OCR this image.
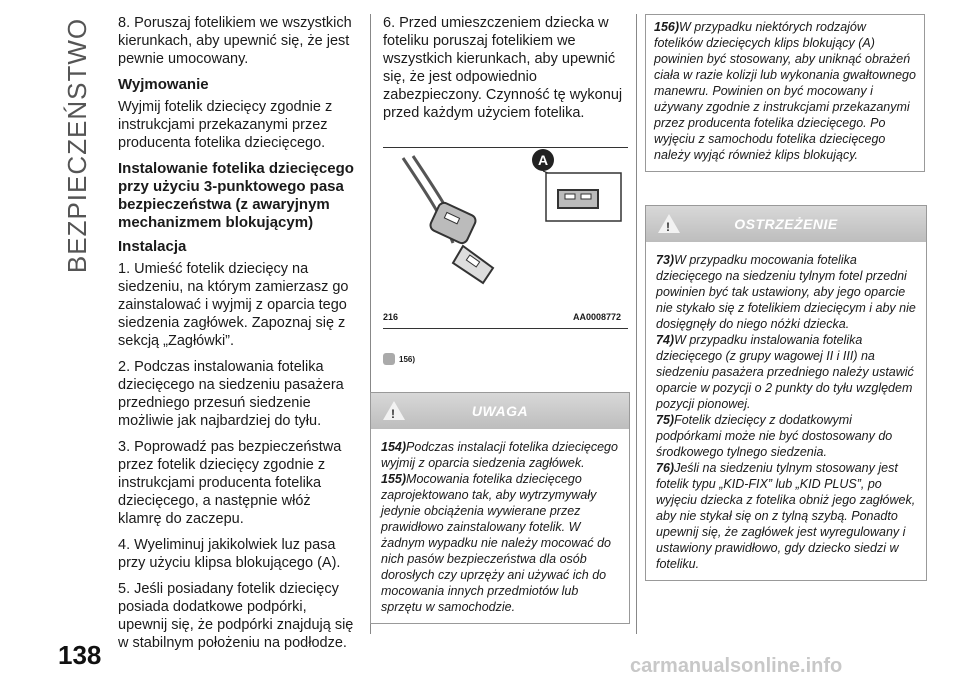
BEZPIECZEŃSTWO
138

8. Poruszaj fotelikiem we wszystkich kierunkach, aby upewnić się, że jest pewnie umocowany.

Wyjmowanie

Wyjmij fotelik dziecięcy zgodnie z instrukcjami przekazanymi przez producenta fotelika dziecięcego.

Instalowanie fotelika dziecięcego przy użyciu 3-punktowego pasa bezpieczeństwa (z awaryjnym mechanizmem blokującym)
Instalacja

1. Umieść fotelik dziecięcy na siedzeniu, na którym zamierzasz go zainstalować i wyjmij z oparcia tego siedzenia zagłówek. Zapoznaj się z sekcją „Zagłówki”.

2. Podczas instalowania fotelika dziecięcego na siedzeniu pasażera przedniego przesuń siedzenie możliwie jak najbardziej do tyłu.

3. Poprowadź pas bezpieczeństwa przez fotelik dziecięcy zgodnie z instrukcjami producenta fotelika dziecięcego, a następnie włóż klamrę do zaczepu.

4. Wyeliminuj jakikolwiek luz pasa przy użyciu klipsa blokującego (A).

5. Jeśli posiadany fotelik dziecięcy posiada dodatkowe podpórki, upewnij się, że podpórki znajdują się w stabilnym położeniu na podłodze.

6. Przed umieszczeniem dziecka w foteliku poruszaj fotelikiem we wszystkich kierunkach, aby upewnić się, że jest odpowiednio zabezpieczony. Czynność tę wykonuj przed każdym użyciem fotelika.

A
216	AA0008772
156)
!	UWAGA

154)Podczas instalacji fotelika dziecięcego wyjmij z oparcia siedzenia zagłówek.

155)Mocowania fotelika dziecięcego zaprojektowano tak, aby wytrzymywały jedynie obciążenia wywierane przez prawidłowo zainstalowany fotelik. W żadnym wypadku nie należy mocować do nich pasów bezpieczeństwa dla osób dorosłych czy uprzęży ani używać ich do mocowania innych przedmiotów lub sprzętu w samochodzie.

156)W przypadku niektórych rodzajów fotelików dziecięcych klips blokujący (A) powinien być stosowany, aby uniknąć obrażeń ciała w razie kolizji lub wykonania gwałtownego manewru. Powinien on być mocowany i używany zgodnie z instrukcjami przekazanymi przez producenta fotelika dziecięcego. Po wyjęciu z samochodu fotelika dziecięcego należy wyjąć również klips blokujący.

!	OSTRZEŻENIE

73)W przypadku mocowania fotelika dziecięcego na siedzeniu tylnym fotel przedni powinien być tak ustawiony, aby jego oparcie nie stykało się z fotelikiem dziecięcym i aby nie dosięgnęły do niego nóżki dziecka.

74)W przypadku instalowania fotelika dziecięcego (z grupy wagowej II i III) na siedzeniu pasażera przedniego należy ustawić oparcie w pozycji o 2 punkty do tyłu względem pozycji pionowej.

75)Fotelik dziecięcy z dodatkowymi podpórkami może nie być dostosowany do środkowego tylnego siedzenia.

76)Jeśli na siedzeniu tylnym stosowany jest fotelik typu „KID-FIX” lub „KID PLUS”, po wyjęciu dziecka z fotelika obniż jego zagłówek, aby nie stykał się on z tylną szybą. Ponadto upewnij się, że zagłówek jest wyregulowany i ustawiony prawidłowo, gdy dziecko siedzi w foteliku.

carmanualsonline.info
